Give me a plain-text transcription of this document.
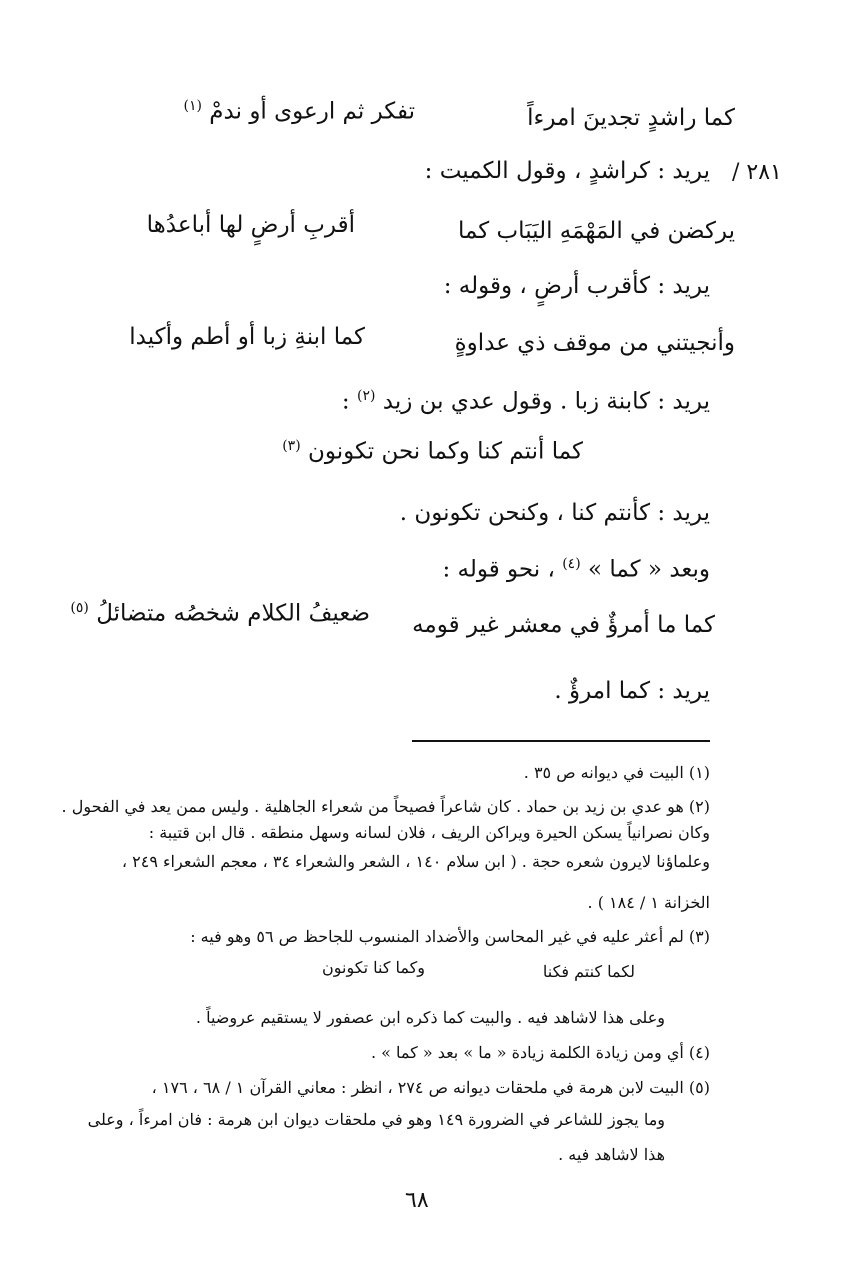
كما راشدٍ تجدينَ امرءاً
تفكر ثم ارعوى أو ندمْ $^{(١)}$
٢٨١ /
يريد : كراشدٍ ، وقول الكميت :
يركضن في المَهْمَهِ اليَبَاب كما
أقربِ أرضٍ لها أباعدُها
يريد : كأقرب أرضٍ ، وقوله :
وأنجيتني من موقف ذي عداوةٍ
كما ابنةِ زبا أو أطم وأكيدا
يريد : كابنة زبا . وقول عدي بن زيد $^{(٢)}$ :
كما أنتم كنا وكما نحن تكونون $^{(٣)}$
يريد : كأنتم كنا ، وكنحن تكونون .
وبعد « كما » $^{(٤)}$ ، نحو قوله :
كما ما أمرؤٌ في معشر غير قومه
ضعيفُ الكلام شخصُه متضائلُ $^{(٥)}$
يريد : كما امرؤٌ .
(١) البيت في ديوانه ص ٣٥ .
(٢) هو عدي بن زيد بن حماد . كان شاعراً فصيحاً من شعراء الجاهلية . وليس ممن يعد في الفحول .
وكان نصرانياً يسكن الحيرة ويراكن الريف ، فلان لسانه وسهل منطقه . قال ابن قتيبة :
وعلماؤنا لايرون شعره حجة . ( ابن سلام ١٤٠ ، الشعر والشعراء ٣٤ ، معجم الشعراء ٢٤٩ ،
الخزانة ١ / ١٨٤ ) .
(٣) لم أعثر عليه في غير المحاسن والأضداد المنسوب للجاحظ ص ٥٦ وهو فيه :
لكما كنتم فكنا
وكما كنا تكونون
وعلى هذا لاشاهد فيه . والبيت كما ذكره ابن عصفور لا يستقيم عروضياً .
(٤) أي ومن زيادة الكلمة زيادة « ما » بعد « كما » .
(٥) البيت لابن هرمة في ملحقات ديوانه ص ٢٧٤ ، انظر : معاني القرآن ١ / ٦٨ ، ١٧٦ ،
وما يجوز للشاعر في الضرورة ١٤٩ وهو في ملحقات ديوان ابن هرمة : فان امرءاً ، وعلى
هذا لاشاهد فيه .
٦٨
